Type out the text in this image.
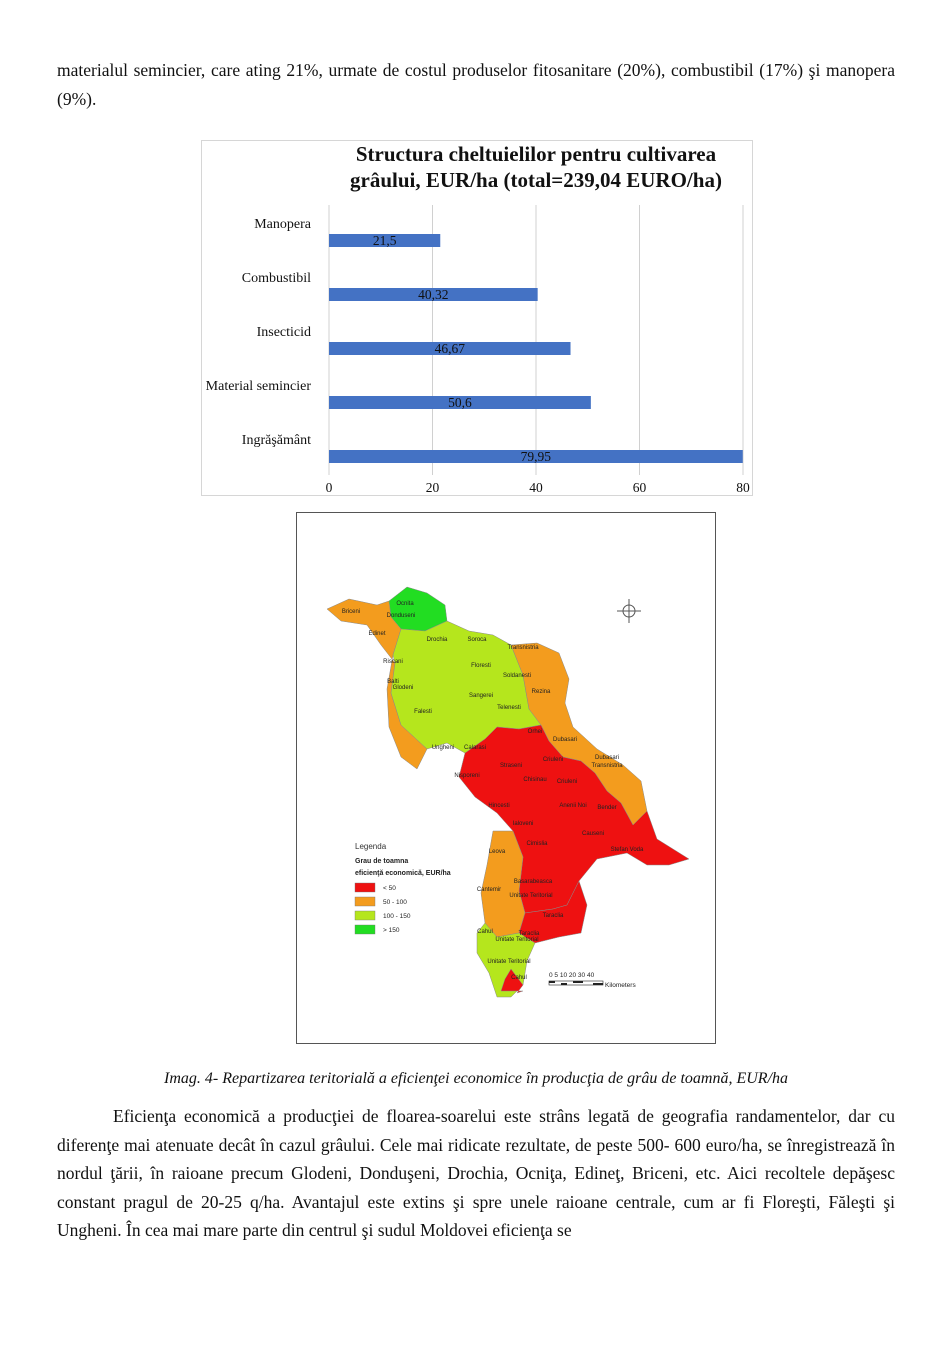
materialul semincier, care ating 21%, urmate de costul produselor fitosanitare (20%), combustibil (17%) şi manopera (9%).

Structura cheltuielilor pentru cultivarea
grâului, EUR/ha (total=239,04 EURO/ha)
Manopera
Combustibil
Insecticid
Material semincier
Ingrăşământ
0	20	40	60	80
21,5
40,32
46,67
50,6
79,95
Ocnita
Donduseni
Briceni
Edinet
Drochia	Soroca
Transnistria
Riscani
Floresti
Soldanesti
Balti
Glodeni
Sangerei
Rezina
Falesti
Telenesti
Orhei
Dubasari
Ungheni Calarasi
Criuleni	Dubasari
Transnistria
Straseni
Nisporeni
Chisinau Criuleni
Hincesti	Anenii Noi Bender
Ialoveni
Causeni
Leova
Cimislia
Stefan Voda
Basarabeasca
Cantemir
Unitate Teritorial
Taraclia
Cahul	Taraclia
Unitate Teritorial
Unitate Teritorial
Cahul
Legenda
Grau de toamna
eficienţă economică, EUR/ha
< 50
50 - 100
100 - 150
> 150
0 5 10 20 30 40
Kilometers
Imag. 4- Repartizarea teritorială a eficienţei economice în producţia de grâu de toamnă, EUR/ha

Eficienţa economică a producţiei de floarea-soarelui este strâns legată de geografia randamentelor, dar cu diferenţe mai atenuate decât în cazul grâului. Cele mai ridicate rezultate, de peste 500- 600 euro/ha, se înregistrează în nordul ţării, în raioane precum Glodeni, Donduşeni, Drochia, Ocniţa, Edineţ, Briceni, etc. Aici recoltele depăşesc constant pragul de 20-25 q/ha. Avantajul este extins şi spre unele raioane centrale, cum ar fi Floreşti, Făleşti şi Ungheni. În cea mai mare parte din centrul şi sudul Moldovei eficienţa se
